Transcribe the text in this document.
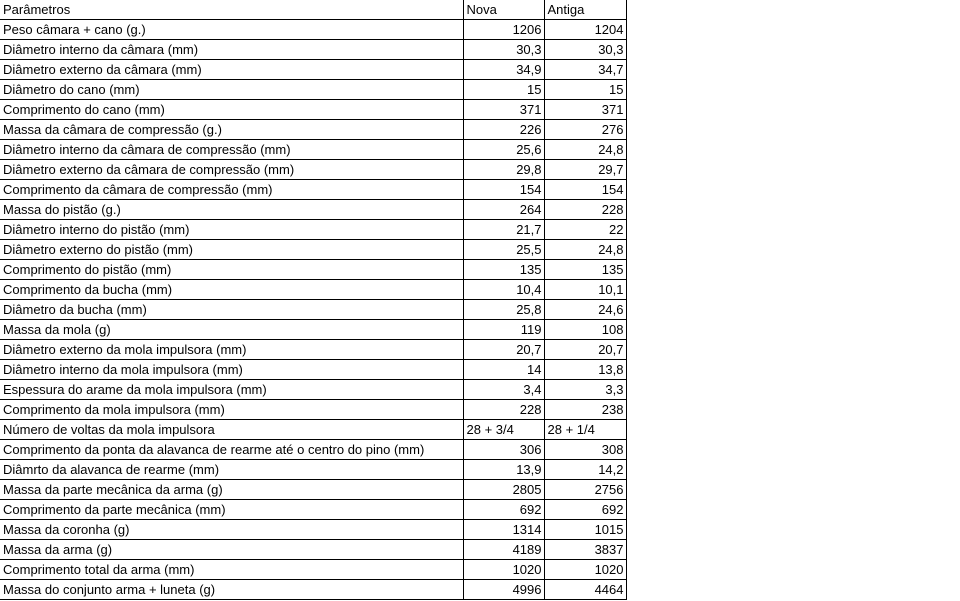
Parâmetros	Nova	Antiga
Peso câmara + cano (g.)	1206	1204
Diâmetro interno da câmara (mm)	30,3	30,3
Diâmetro externo da câmara (mm)	34,9	34,7
Diâmetro do cano (mm)	15	15
Comprimento do cano (mm)	371	371
Massa da câmara de compressão (g.)	226	276
Diâmetro interno da câmara de compressão (mm)	25,6	24,8
Diâmetro externo da câmara de compressão (mm)	29,8	29,7
Comprimento da câmara de compressão (mm)	154	154
Massa do pistão (g.)	264	228
Diâmetro interno do pistão (mm)	21,7	22
Diâmetro externo do pistão (mm)	25,5	24,8
Comprimento do pistão (mm)	135	135
Comprimento da bucha (mm)	10,4	10,1
Diâmetro da bucha (mm)	25,8	24,6
Massa da mola (g)	119	108
Diâmetro externo da mola impulsora (mm)	20,7	20,7
Diâmetro interno da mola impulsora (mm)	14	13,8
Espessura do arame da mola impulsora (mm)	3,4	3,3
Comprimento da mola impulsora (mm)	228	238
Número de voltas da mola impulsora	28 + 3/4	28 + 1/4
Comprimento da ponta da alavanca de rearme até o centro do pino (mm)	306	308
Diâmrto da alavanca de rearme (mm)	13,9	14,2
Massa da parte mecânica da arma (g)	2805	2756
Comprimento da parte mecânica (mm)	692	692
Massa da coronha (g)	1314	1015
Massa da arma (g)	4189	3837
Comprimento total da arma (mm)	1020	1020
Massa do conjunto arma + luneta (g)	4996	4464
